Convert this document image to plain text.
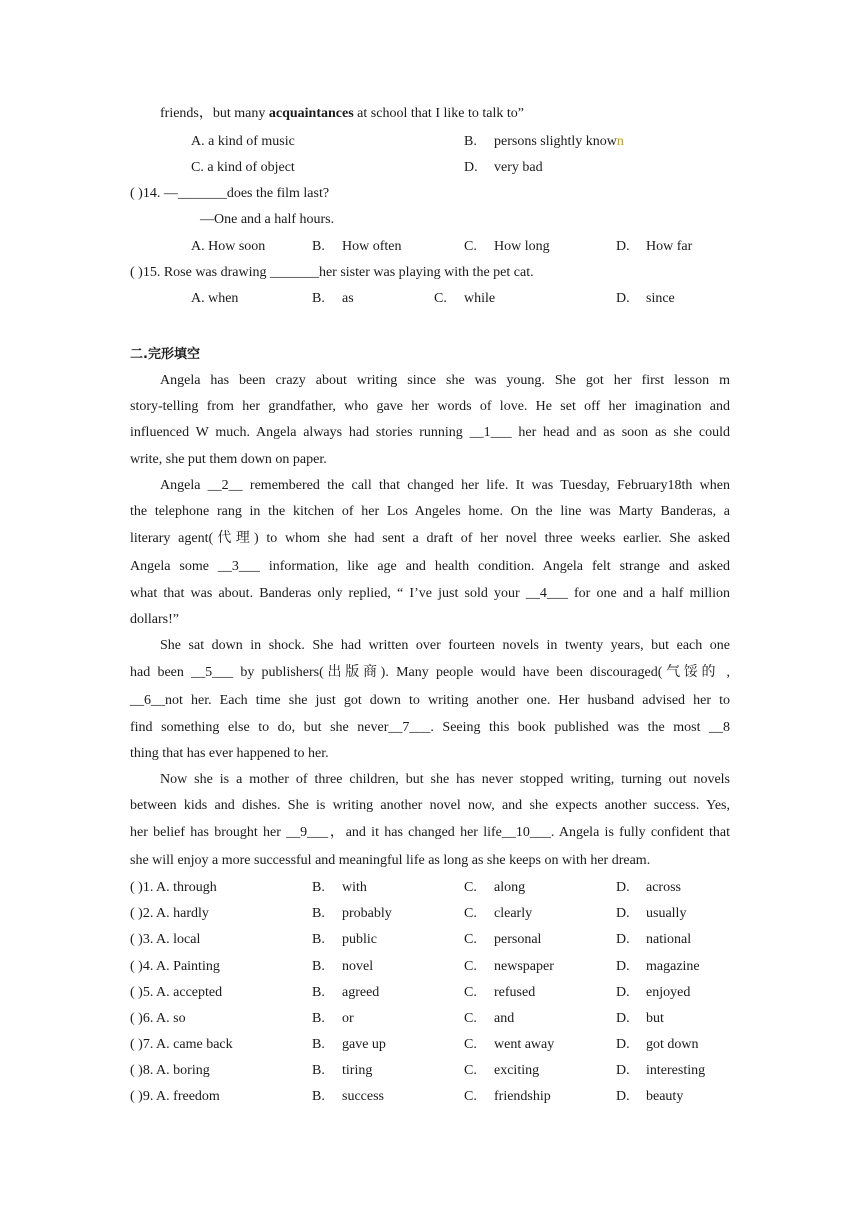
friends，but many acquaintances at school that I like to talk to”
A. a kind of music	B. persons slightly known
C. a kind of object	D. very bad
( )14. —_______does the film last?
—One and a half hours.
A. How soon	B. How often	C. How long	D. How far
( )15. Rose was drawing _______her sister was playing with the pet cat.
A. when	B. as	C. while	D. since
二.完形填空
Angela has been crazy about writing since she was young. She got her first lesson m
story-telling from her grandfather, who gave her words of love. He set off her imagination and
influenced W much. Angela always had stories running __1___ her head and as soon as she could
write, she put them down on paper.
Angela __2__ remembered the call that changed her life. It was Tuesday, February18th when
the telephone rang in the kitchen of her Los Angeles home. On the line was Marty Banderas, a
literary agent(代理) to whom she had sent a draft of her novel three weeks earlier. She asked
Angela some __3___ information, like age and health condition. Angela felt strange and asked
what that was about. Banderas only replied, “ I’ve just sold your __4___ for one and a half million
dollars!”
She sat down in shock. She had written over fourteen novels in twenty years, but each one
had been __5___ by publishers(出版商). Many people would have been discouraged(气馁的 ,
__6__not her. Each time she just got down to writing another one. Her husband advised her to
find something else to do, but she never__7___. Seeing this book published was the most __8
thing that has ever happened to her.
Now she is a mother of three children, but she has never stopped writing, turning out novels
between kids and dishes. She is writing another novel now, and she expects another success. Yes,
her belief has brought her __9___，and it has changed her life__10___. Angela is fully confident that
she will enjoy a more successful and meaningful life as long as she keeps on with her dream.
( )1. A. through	B. with	C. along	D. across
( )2. A. hardly	B. probably	C. clearly	D. usually
( )3. A. local	B. public	C. personal	D. national
( )4. A. Painting	B. novel	C. newspaper	D. magazine
( )5. A. accepted	B. agreed	C. refused	D. enjoyed
( )6. A. so	B. or	C. and	D. but
( )7. A. came back	B. gave up	C. went away	D. got down
( )8. A. boring	B. tiring	C. exciting	D. interesting
( )9. A. freedom	B. success	C. friendship	D. beauty
